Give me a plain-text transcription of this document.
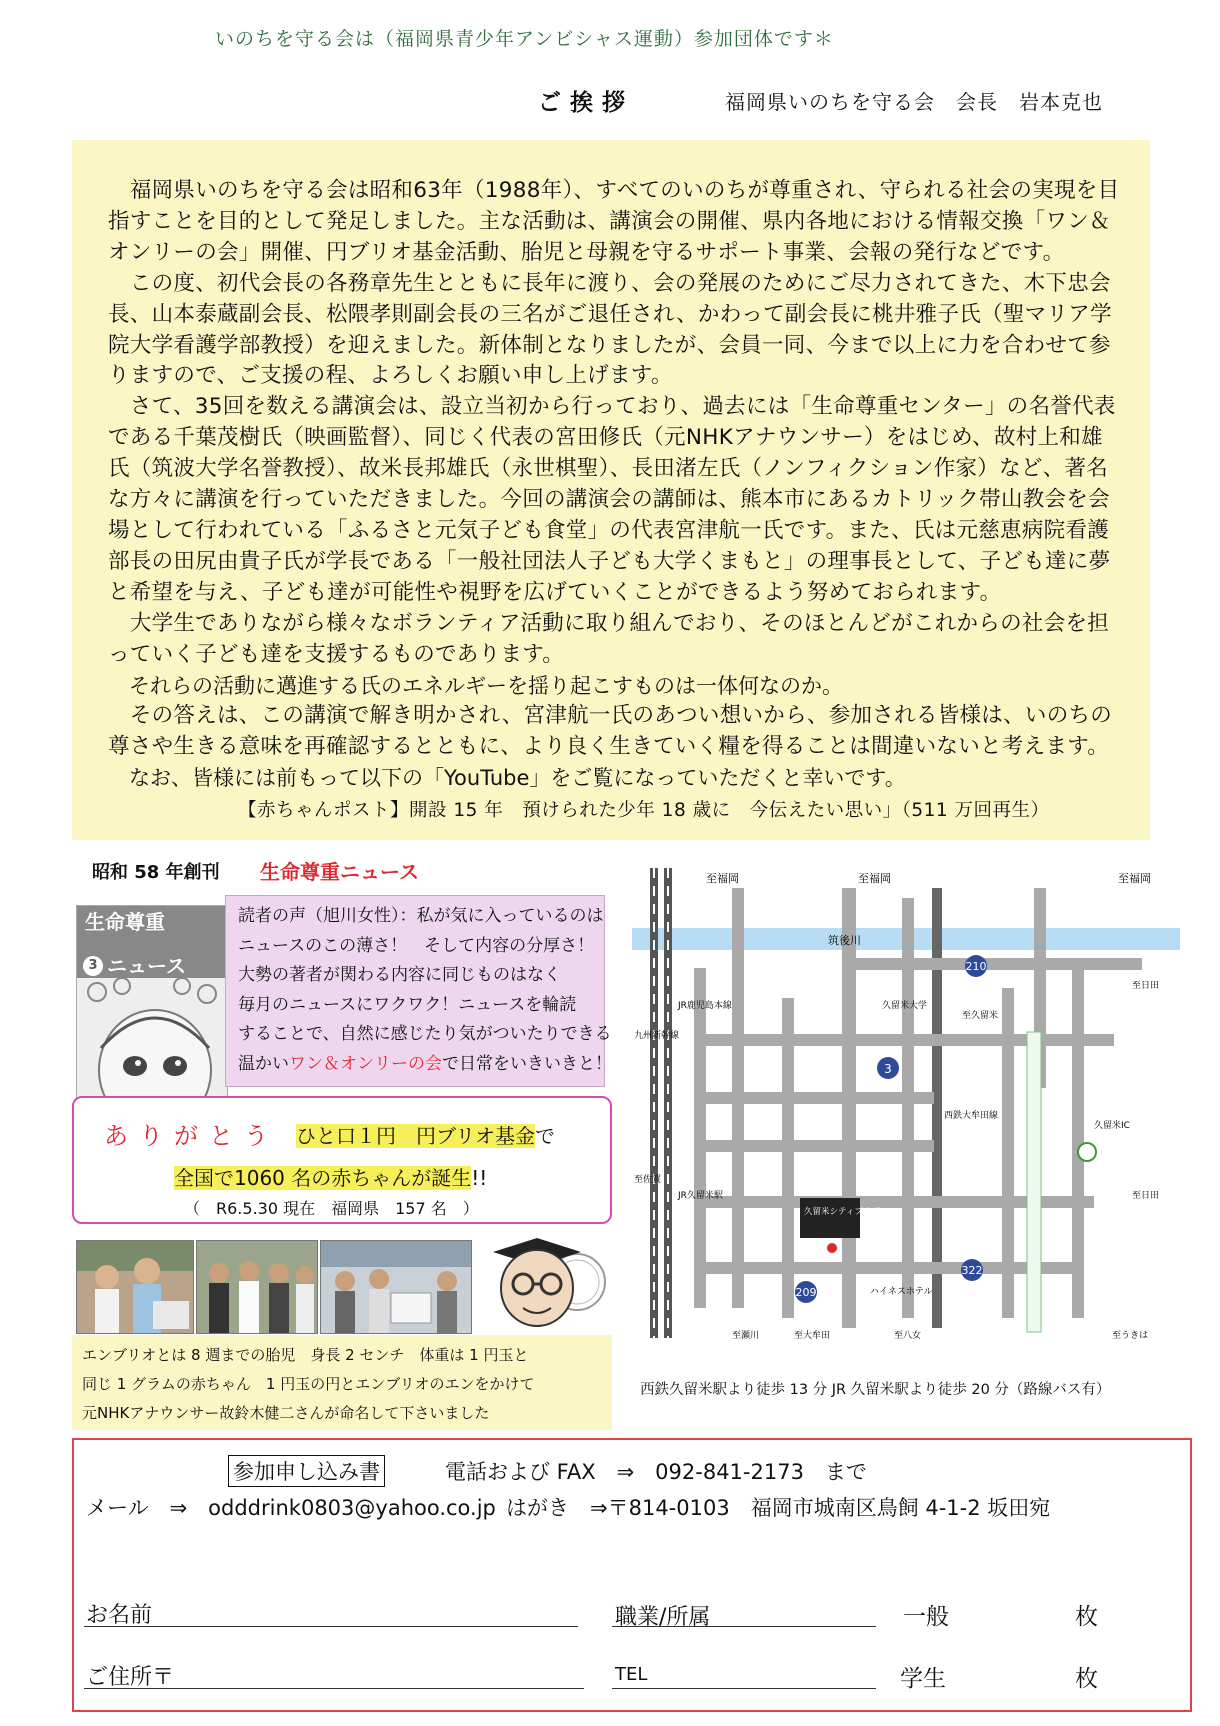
いのちを守る会は（福岡県青少年アンビシャス運動）参加団体です＊
ご挨拶	福岡県いのちを守る会　会長　岩本克也

　福岡県いのちを守る会は昭和63年（1988年）、すべてのいのちが尊重され、守られる社会の実現を目指すことを目的として発足しました。主な活動は、講演会の開催、県内各地における情報交換「ワン＆オンリーの会」開催、円ブリオ基金活動、胎児と母親を守るサポート事業、会報の発行などです。

　この度、初代会長の各務章先生とともに長年に渡り、会の発展のためにご尽力されてきた、木下忠会長、山本泰蔵副会長、松隈孝則副会長の三名がご退任され、かわって副会長に桃井雅子氏（聖マリア学院大学看護学部教授）を迎えました。新体制となりましたが、会員一同、今まで以上に力を合わせて参りますので、ご支援の程、よろしくお願い申し上げます。

　さて、35回を数える講演会は、設立当初から行っており、過去には「生命尊重センター」の名誉代表である千葉茂樹氏（映画監督）、同じく代表の宮田修氏（元NHKアナウンサー）をはじめ、故村上和雄氏（筑波大学名誉教授）、故米長邦雄氏（永世棋聖）、長田渚左氏（ノンフィクション作家）など、著名な方々に講演を行っていただきました。今回の講演会の講師は、熊本市にあるカトリック帯山教会を会場として行われている「ふるさと元気子ども食堂」の代表宮津航一氏です。また、氏は元慈恵病院看護部長の田尻由貴子氏が学長である「一般社団法人子ども大学くまもと」の理事長として、子ども達に夢と希望を与え、子ども達が可能性や視野を広げていくことができるよう努めておられます。

　大学生でありながら様々なボランティア活動に取り組んでおり、そのほとんどがこれからの社会を担っていく子ども達を支援するものであります。

　それらの活動に邁進する氏のエネルギーを揺り起こすものは一体何なのか。

　その答えは、この講演で解き明かされ、宮津航一氏のあつい想いから、参加される皆様は、いのちの尊さや生きる意味を再確認するとともに、より良く生きていく糧を得ることは間違いないと考えます。

　なお、皆様には前もって以下の「YouTube」をご覧になっていただくと幸いです。

【赤ちゃんポスト】開設 15 年　預けられた少年 18 歳に　今伝えたい思い」（511 万回再生）

昭和 58 年創刊 生命尊重ニュース
生命尊重
3 ニュース

読者の声（旭川女性）：私が気に入っているのは

ニュースのこの薄さ！　そして内容の分厚さ！

大勢の著者が関わる内容に同じものはなく

毎月のニュースにワクワク！ニュースを輪読

することで、自然に感じたり気がついたりできる

温かいワン＆オンリーの会で日常をいきいきと！

ありがとう ひと口１円　円ブリオ基金で
全国で1060 名の赤ちゃんが誕生!!
（　R6.5.30 現在　福岡県　157 名　）

エンブリオとは 8 週までの胎児　身長 2 センチ　体重は 1 円玉と

同じ 1 グラムの赤ちゃん　1 円玉の円とエンブリオのエンをかけて

元NHKアナウンサー故鈴木健二さんが命名して下さいました

3
210
322
209
久留米シティプラザ
至福岡	至福岡	至福岡
筑後川
JR久留米駅
久留米大学
西鉄大牟田線
至佐賀
至日田
至日田
久留米IC
ハイネスホテル
至瀬川	至大牟田	至八女	至うきは
JR鹿児島本線
九州新幹線
至久留米
西鉄久留米駅より徒歩 13 分 JR 久留米駅より徒歩 20 分（路線バス有）
参加申し込み書	電話および FAX　⇒　092-841-2173　まで
メール　⇒　odddrink0803@yahoo.co.jp はがき　⇒〒814-0103　福岡市城南区鳥飼 4-1-2 坂田宛
お名前	職業/所属	一般	枚
ご住所〒	TEL	学生	枚
